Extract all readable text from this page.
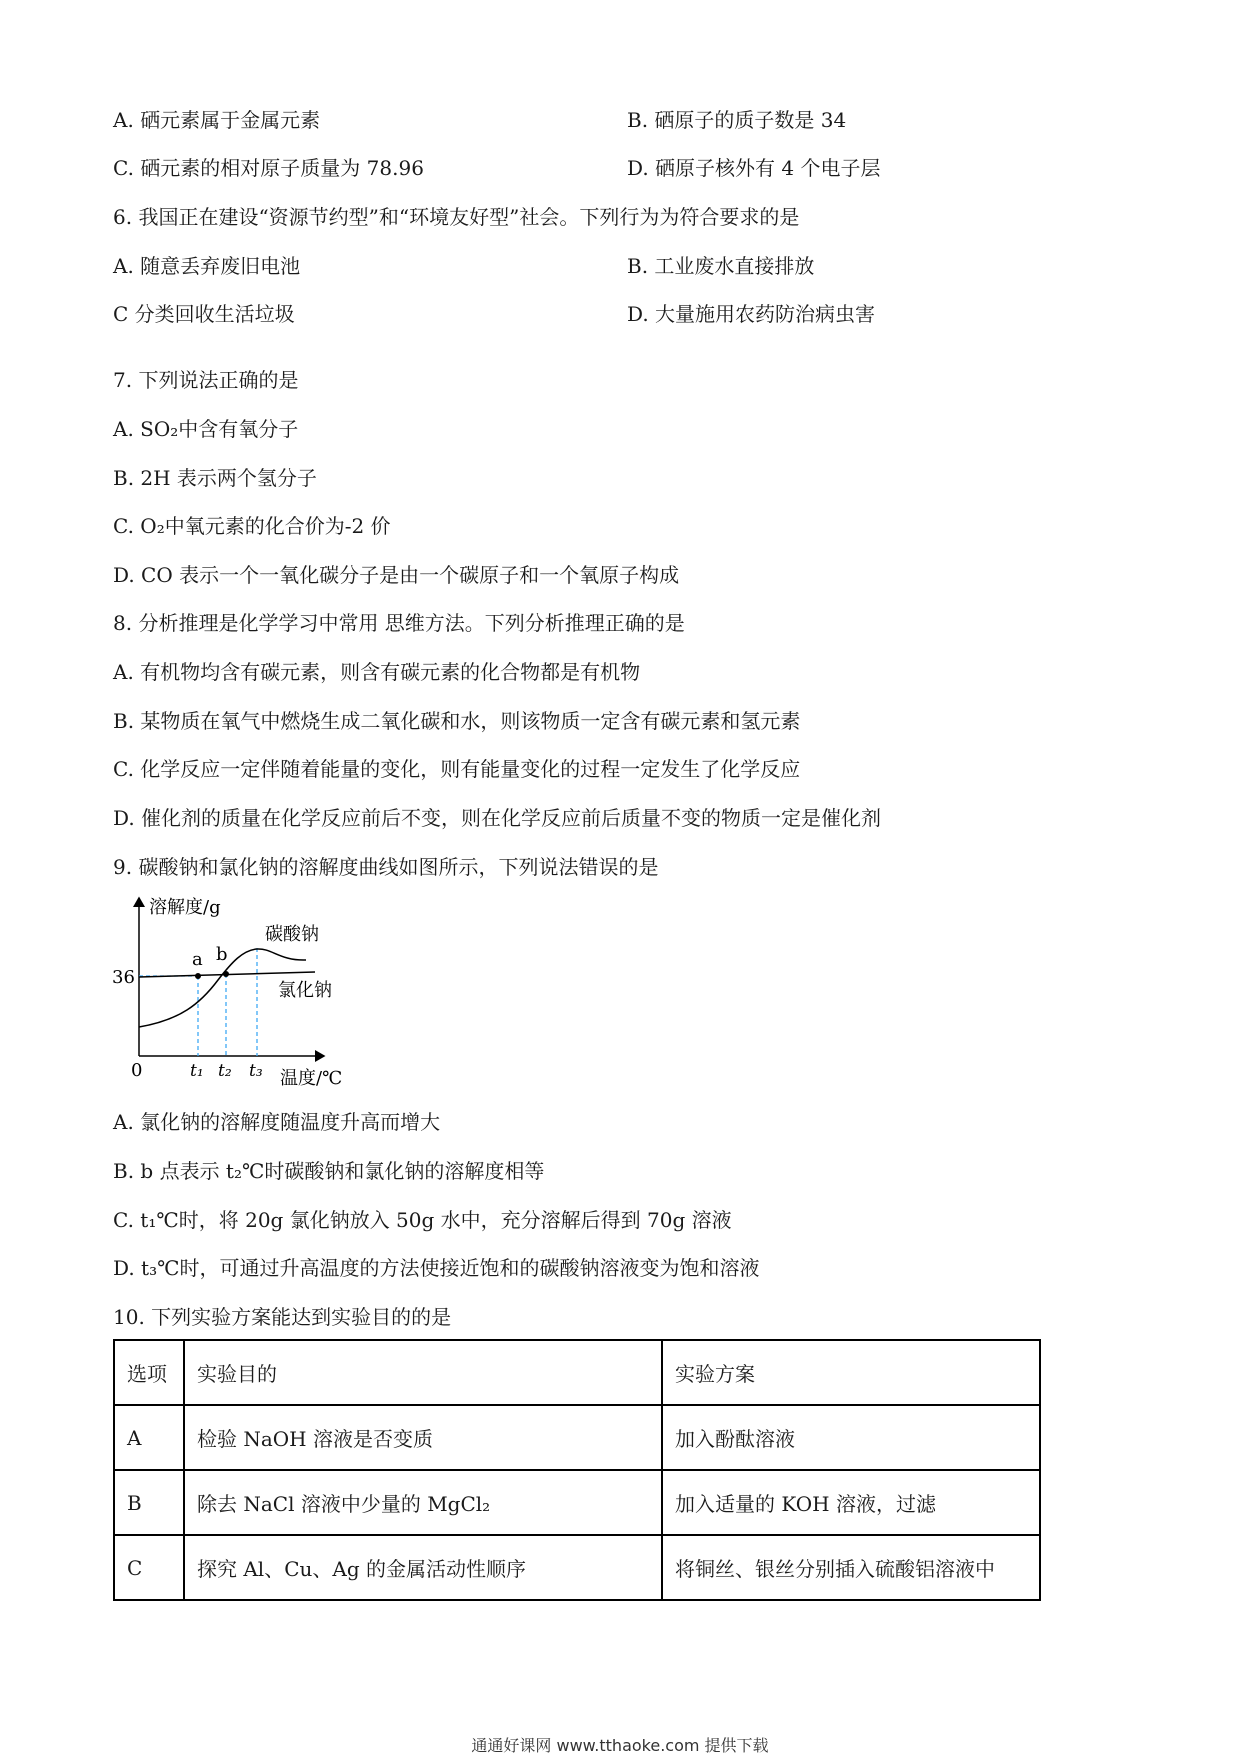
A. 硒元素属于金属元素	B. 硒原子的质子数是 34
C. 硒元素的相对原子质量为 78.96	D. 硒原子核外有 4 个电子层
6. 我国正在建设“资源节约型”和“环境友好型”社会。下列行为为符合要求的是
A. 随意丢弃废旧电池	B. 工业废水直接排放
C 分类回收生活垃圾	D. 大量施用农药防治病虫害
7. 下列说法正确的是
A. SO₂中含有氧分子
B. 2H 表示两个氢分子
C. O₂中氧元素的化合价为-2 价
D. CO 表示一个一氧化碳分子是由一个碳原子和一个氧原子构成
8. 分析推理是化学学习中常用 思维方法。下列分析推理正确的是
A. 有机物均含有碳元素，则含有碳元素的化合物都是有机物
B. 某物质在氧气中燃烧生成二氧化碳和水，则该物质一定含有碳元素和氢元素
C. 化学反应一定伴随着能量的变化，则有能量变化的过程一定发生了化学反应
D. 催化剂的质量在化学反应前后不变，则在化学反应前后质量不变的物质一定是催化剂
9. 碳酸钠和氯化钠的溶解度曲线如图所示，下列说法错误的是
溶解度/g
36
0	t₁ t₂ t₃ 温度/℃
a b
碳酸钠
氯化钠
A. 氯化钠的溶解度随温度升高而增大
B. b 点表示 t₂℃时碳酸钠和氯化钠的溶解度相等
C. t₁℃时，将 20g 氯化钠放入 50g 水中，充分溶解后得到 70g 溶液
D. t₃℃时，可通过升高温度的方法使接近饱和的碳酸钠溶液变为饱和溶液
10. 下列实验方案能达到实验目的的是
选项	实验目的	实验方案
A	检验 NaOH 溶液是否变质	加入酚酞溶液
B	除去 NaCl 溶液中少量的 MgCl₂	加入适量的 KOH 溶液，过滤
C	探究 Al、Cu、Ag 的金属活动性顺序	将铜丝、银丝分别插入硫酸铝溶液中
通通好课网 www.tthaoke.com 提供下载
